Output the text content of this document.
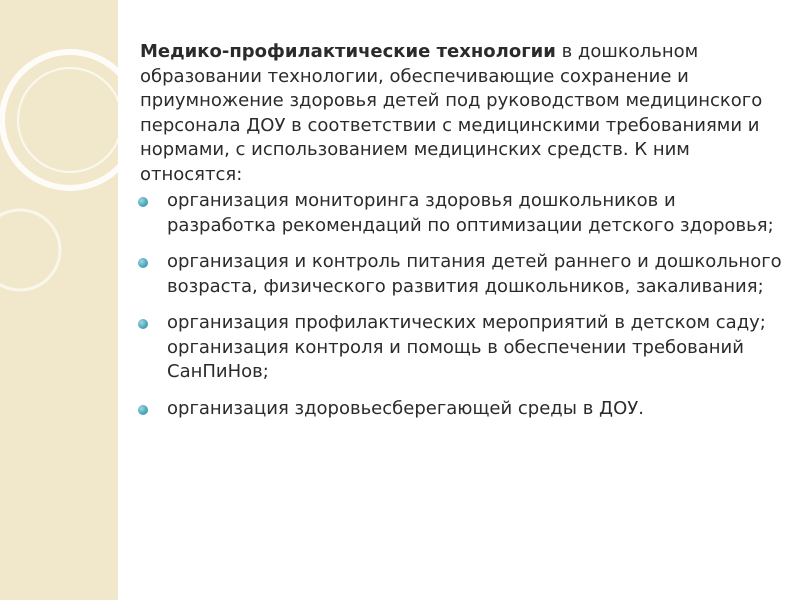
Медико-профилактические технологии в дошкольном образовании технологии, обеспечивающие сохранение и приумножение здоровья детей под руководством медицинского персонала ДОУ в соответствии с медицинскими требованиями и нормами, с использованием медицинских средств. К ним относятся:

организация мониторинга здоровья дошкольников и разработка рекомендаций по оптимизации детского здоровья;
организация и контроль питания детей раннего и дошкольного возраста, физического развития дошкольников, закаливания;
организация профилактических мероприятий в детском саду; организация контроля и помощь в обеспечении требований СанПиНов;
организация здоровьесберегающей среды в ДОУ.
